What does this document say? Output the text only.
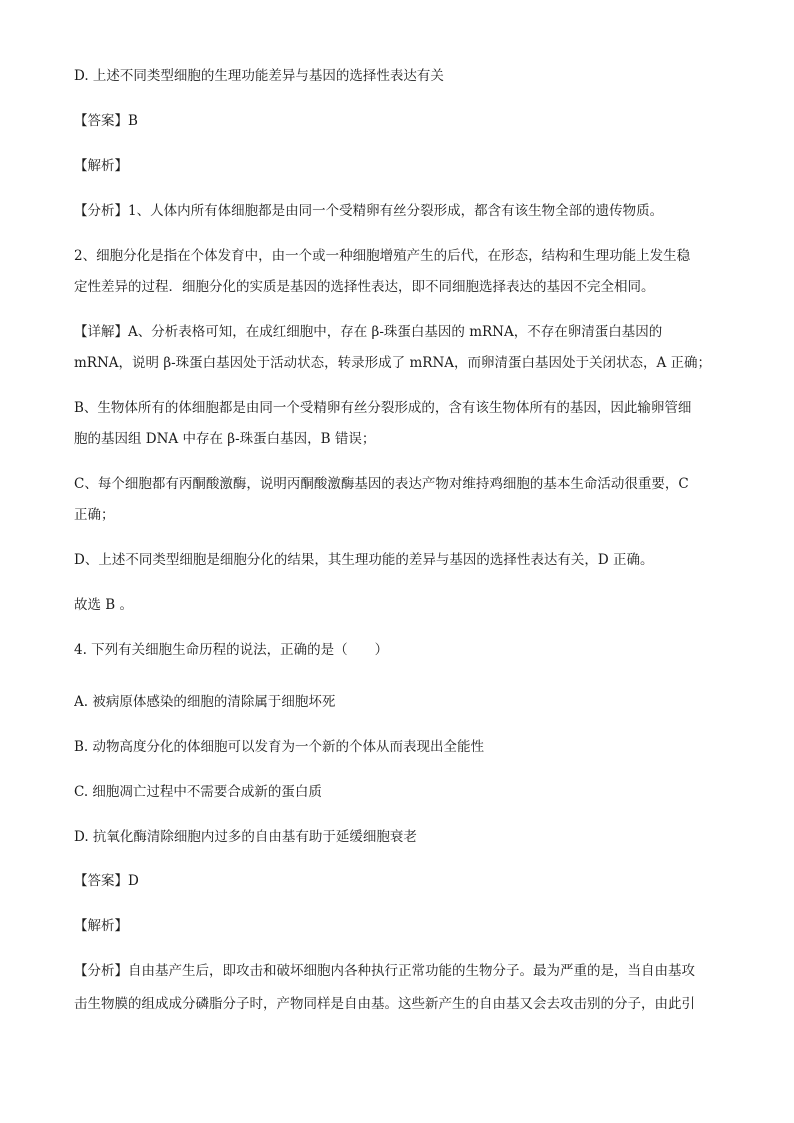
D. 上述不同类型细胞的生理功能差异与基因的选择性表达有关
【答案】B
【解析】
【分析】1、人体内所有体细胞都是由同一个受精卵有丝分裂形成，都含有该生物全部的遗传物质。
2、细胞分化是指在个体发育中，由一个或一种细胞增殖产生的后代，在形态，结构和生理功能上发生稳
定性差异的过程．细胞分化的实质是基因的选择性表达，即不同细胞选择表达的基因不完全相同。
【详解】A、分析表格可知，在成红细胞中，存在 β-珠蛋白基因的 mRNA，不存在卵清蛋白基因的
mRNA，说明 β-珠蛋白基因处于活动状态，转录形成了 mRNA，而卵清蛋白基因处于关闭状态，A 正确；
B、生物体所有的体细胞都是由同一个受精卵有丝分裂形成的，含有该生物体所有的基因，因此输卵管细
胞的基因组 DNA 中存在 β-珠蛋白基因，B 错误；
C、每个细胞都有丙酮酸激酶，说明丙酮酸激酶基因的表达产物对维持鸡细胞的基本生命活动很重要，C
正确；
D、上述不同类型细胞是细胞分化的结果，其生理功能的差异与基因的选择性表达有关，D 正确。
故选 B 。
4. 下列有关细胞生命历程的说法，正确的是（　　）
A. 被病原体感染的细胞的清除属于细胞坏死
B. 动物高度分化的体细胞可以发育为一个新的个体从而表现出全能性
C. 细胞凋亡过程中不需要合成新的蛋白质
D. 抗氧化酶清除细胞内过多的自由基有助于延缓细胞衰老
【答案】D
【解析】
【分析】自由基产生后，即攻击和破坏细胞内各种执行正常功能的生物分子。最为严重的是，当自由基攻
击生物膜的组成成分磷脂分子时，产物同样是自由基。这些新产生的自由基又会去攻击别的分子，由此引
